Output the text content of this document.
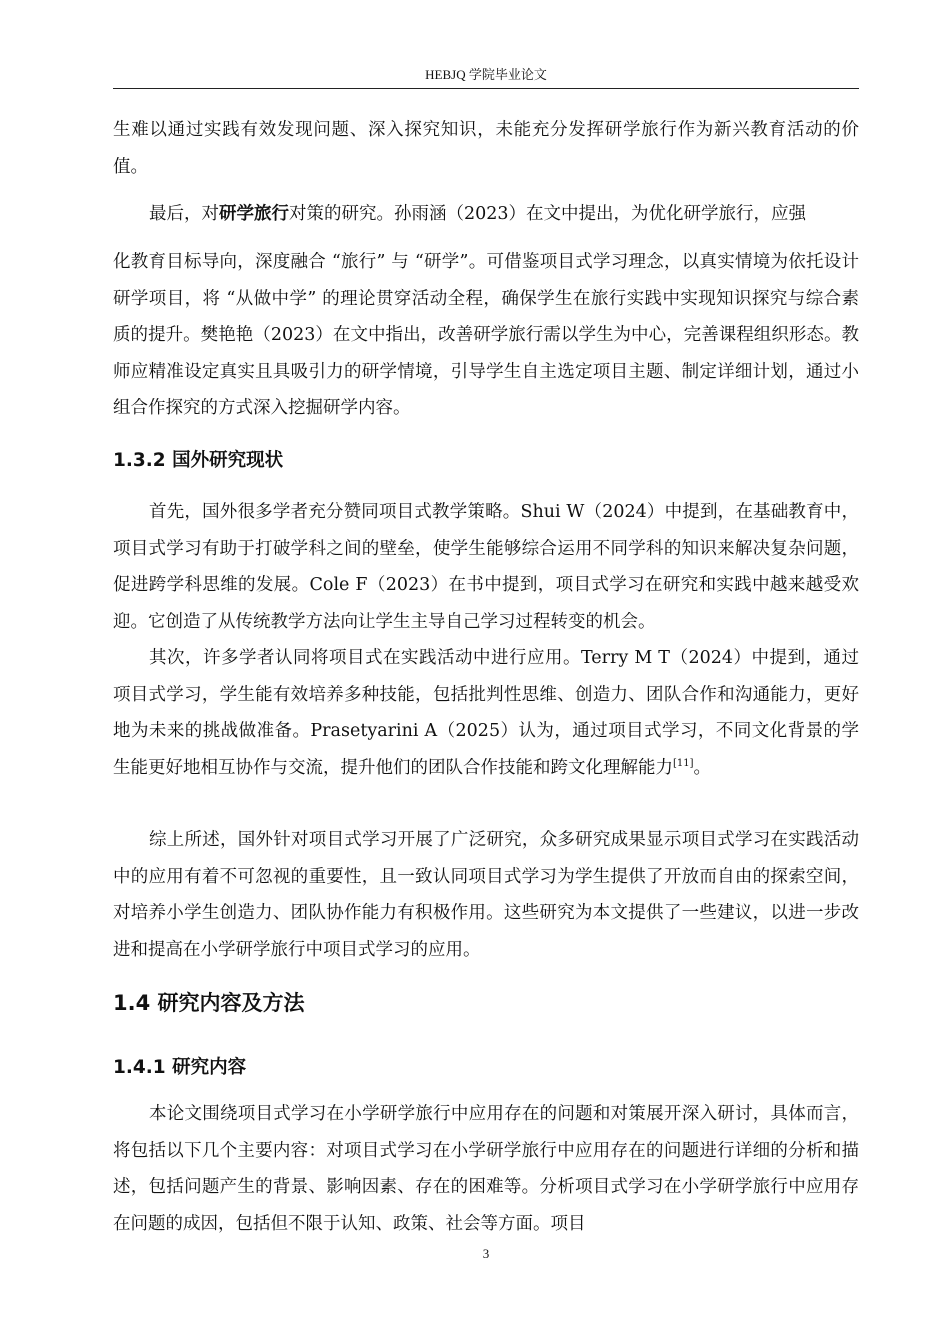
HEBJQ 学院毕业论文

生难以通过实践有效发现问题、深入探究知识，未能充分发挥研学旅行作为新兴教育活动的价值。

最后，对研学旅行对策的研究。孙雨涵（2023）在文中提出，为优化研学旅行，应强

化教育目标导向，深度融合 “旅行” 与 “研学”。可借鉴项目式学习理念，以真实情境为依托设计研学项目，将 “从做中学” 的理论贯穿活动全程，确保学生在旅行实践中实现知识探究与综合素质的提升。樊艳艳（2023）在文中指出，改善研学旅行需以学生为中心，完善课程组织形态。教师应精准设定真实且具吸引力的研学情境，引导学生自主选定项目主题、制定详细计划，通过小组合作探究的方式深入挖掘研学内容。

1.3.2 国外研究现状

首先，国外很多学者充分赞同项目式教学策略。Shui W（2024）中提到，在基础教育中，项目式学习有助于打破学科之间的壁垒，使学生能够综合运用不同学科的知识来解决复杂问题，促进跨学科思维的发展。Cole F（2023）在书中提到，项目式学习在研究和实践中越来越受欢迎。它创造了从传统教学方法向让学生主导自己学习过程转变的机会。

其次，许多学者认同将项目式在实践活动中进行应用。Terry M T（2024）中提到，通过项目式学习，学生能有效培养多种技能，包括批判性思维、创造力、团队合作和沟通能力，更好地为未来的挑战做准备。Prasetyarini A（2025）认为，通过项目式学习，不同文化背景的学生能更好地相互协作与交流，提升他们的团队合作技能和跨文化理解能力[11]。

综上所述，国外针对项目式学习开展了广泛研究，众多研究成果显示项目式学习在实践活动中的应用有着不可忽视的重要性，且一致认同项目式学习为学生提供了开放而自由的探索空间，对培养小学生创造力、团队协作能力有积极作用。这些研究为本文提供了一些建议，以进一步改进和提高在小学研学旅行中项目式学习的应用。

1.4 研究内容及方法
1.4.1 研究内容

本论文围绕项目式学习在小学研学旅行中应用存在的问题和对策展开深入研讨，具体而言，将包括以下几个主要内容：对项目式学习在小学研学旅行中应用存在的问题进行详细的分析和描述，包括问题产生的背景、影响因素、存在的困难等。分析项目式学习在小学研学旅行中应用存在问题的成因，包括但不限于认知、政策、社会等方面。项目

3
